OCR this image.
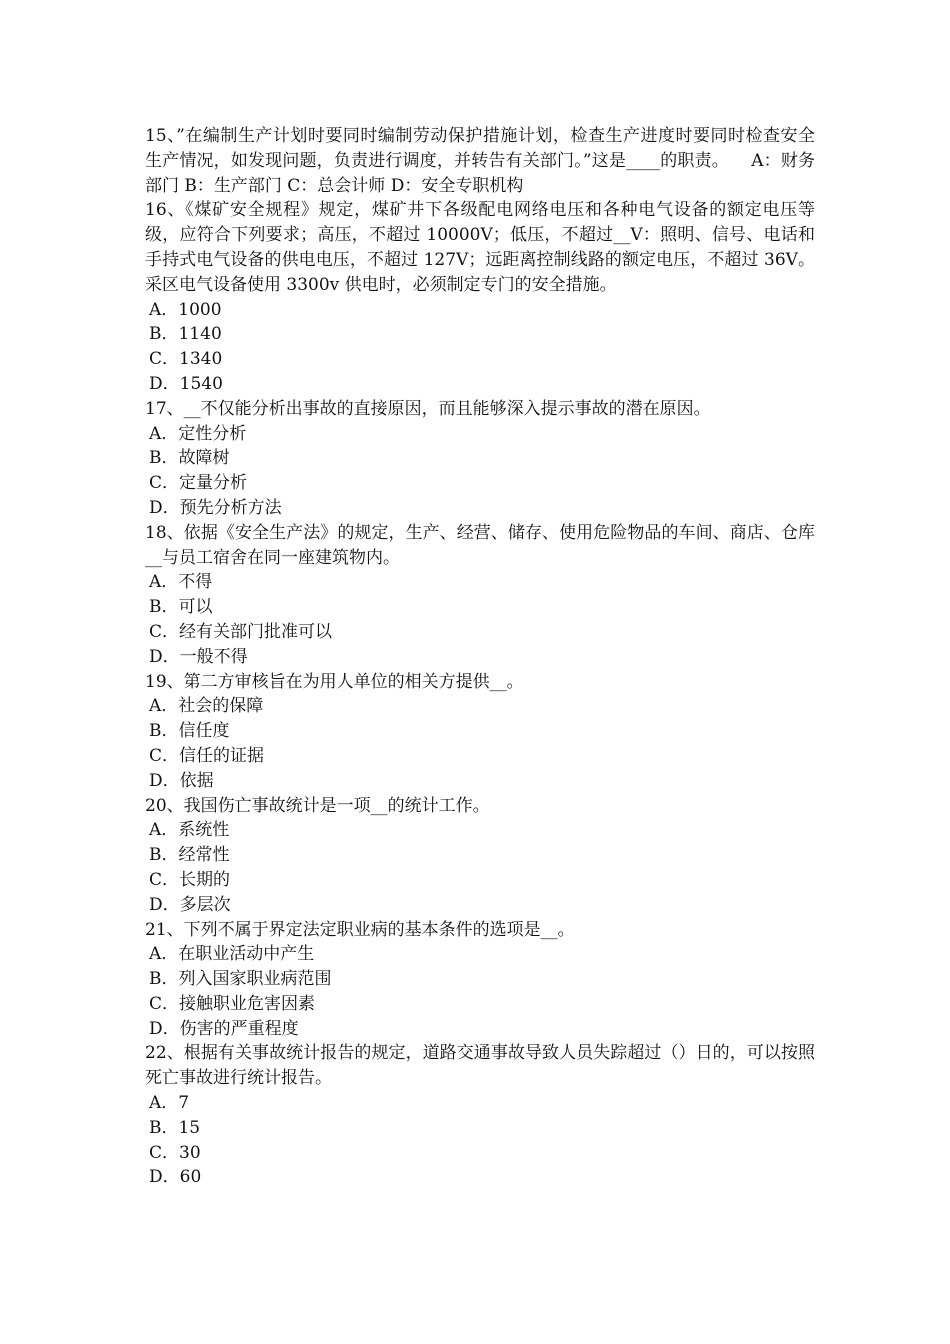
15、”在编制生产计划时要同时编制劳动保护措施计划，检查生产进度时要同时检查安全  生产情况，如发现问题，负责进行调度，并转告有关部门。”这是____的职责。    A：财务部门 B：生产部门 C：总会计师 D：安全专职机构

16、《煤矿安全规程》规定，煤矿井下各级配电网络电压和各种电气设备的额定电压等级，应符合下列要求；高压，不超过 10000V；低压，不超过__V：照明、信号、电话和手持式电气设备的供电电压，不超过 127V；远距离控制线路的额定电压，不超过 36V。采区电气设备使用 3300v 供电时，必须制定专门的安全措施。

A．1000

B．1140

C．1340

D．1540

17、__不仅能分析出事故的直接原因，而且能够深入提示事故的潜在原因。

A．定性分析

B．故障树

C．定量分析

D．预先分析方法

18、依据《安全生产法》的规定，生产、经营、储存、使用危险物品的车间、商店、仓库__与员工宿舍在同一座建筑物内。

A．不得

B．可以

C．经有关部门批准可以

D．一般不得

19、第二方审核旨在为用人单位的相关方提供__。

A．社会的保障

B．信任度

C．信任的证据

D．依据

20、我国伤亡事故统计是一项__的统计工作。

A．系统性

B．经常性

C．长期的

D．多层次

21、下列不属于界定法定职业病的基本条件的选项是__。

A．在职业活动中产生

B．列入国家职业病范围

C．接触职业危害因素

D．伤害的严重程度

22、根据有关事故统计报告的规定，道路交通事故导致人员失踪超过（）日的，可以按照死亡事故进行统计报告。

A．7

B．15

C．30

D．60
